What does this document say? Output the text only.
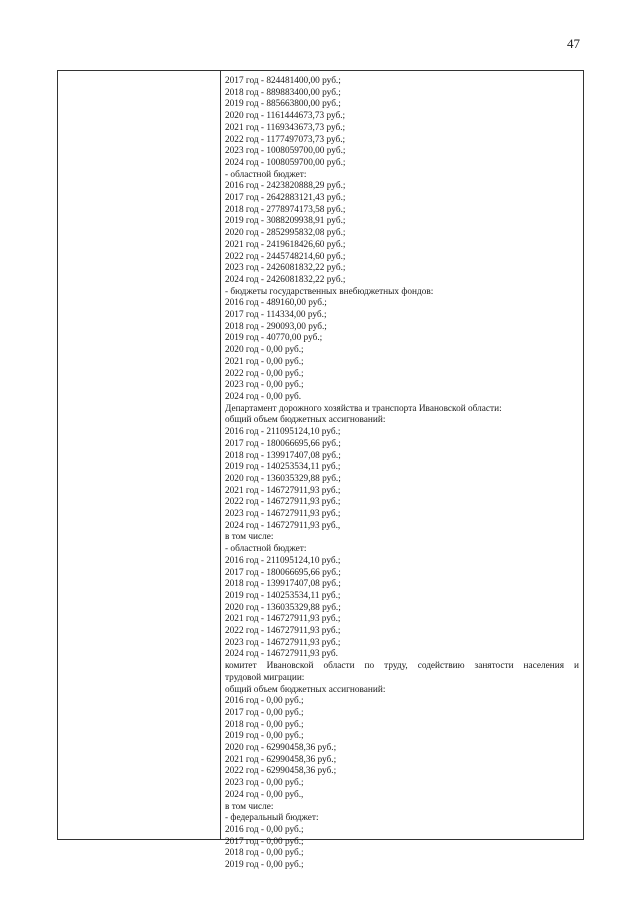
47
2017 год - 824481400,00 руб.;
2018 год - 889883400,00 руб.;
2019 год - 885663800,00 руб.;
2020 год - 1161444673,73 руб.;
2021 год - 1169343673,73 руб.;
2022 год - 1177497073,73 руб.;
2023 год - 1008059700,00 руб.;
2024 год - 1008059700,00 руб.;
- областной бюджет:
2016 год - 2423820888,29 руб.;
2017 год - 2642883121,43 руб.;
2018 год - 2778974173,58 руб.;
2019 год - 3088209938,91 руб.;
2020 год - 2852995832,08 руб.;
2021 год - 2419618426,60 руб.;
2022 год - 2445748214,60 руб.;
2023 год - 2426081832,22 руб.;
2024 год - 2426081832,22 руб.;
- бюджеты государственных внебюджетных фондов:
2016 год - 489160,00 руб.;
2017 год - 114334,00 руб.;
2018 год - 290093,00 руб.;
2019 год - 40770,00 руб.;
2020 год - 0,00 руб.;
2021 год - 0,00 руб.;
2022 год - 0,00 руб.;
2023 год - 0,00 руб.;
2024 год - 0,00 руб.
Департамент дорожного хозяйства и транспорта Ивановской области:
общий объем бюджетных ассигнований:
2016 год - 211095124,10 руб.;
2017 год - 180066695,66 руб.;
2018 год - 139917407,08 руб.;
2019 год - 140253534,11 руб.;
2020 год - 136035329,88 руб.;
2021 год - 146727911,93 руб.;
2022 год - 146727911,93 руб.;
2023 год - 146727911,93 руб.;
2024 год - 146727911,93 руб.,
в том числе:
- областной бюджет:
2016 год - 211095124,10 руб.;
2017 год - 180066695,66 руб.;
2018 год - 139917407,08 руб.;
2019 год - 140253534,11 руб.;
2020 год - 136035329,88 руб.;
2021 год - 146727911,93 руб.;
2022 год - 146727911,93 руб.;
2023 год - 146727911,93 руб.;
2024 год - 146727911,93 руб.
комитет Ивановской области по труду, содействию занятости населения и
трудовой миграции:
общий объем бюджетных ассигнований:
2016 год - 0,00 руб.;
2017 год - 0,00 руб.;
2018 год - 0,00 руб.;
2019 год - 0,00 руб.;
2020 год - 62990458,36 руб.;
2021 год - 62990458,36 руб.;
2022 год - 62990458,36 руб.;
2023 год - 0,00 руб.;
2024 год - 0,00 руб.,
в том числе:
- федеральный бюджет:
2016 год - 0,00 руб.;
2017 год - 0,00 руб.;
2018 год - 0,00 руб.;
2019 год - 0,00 руб.;
